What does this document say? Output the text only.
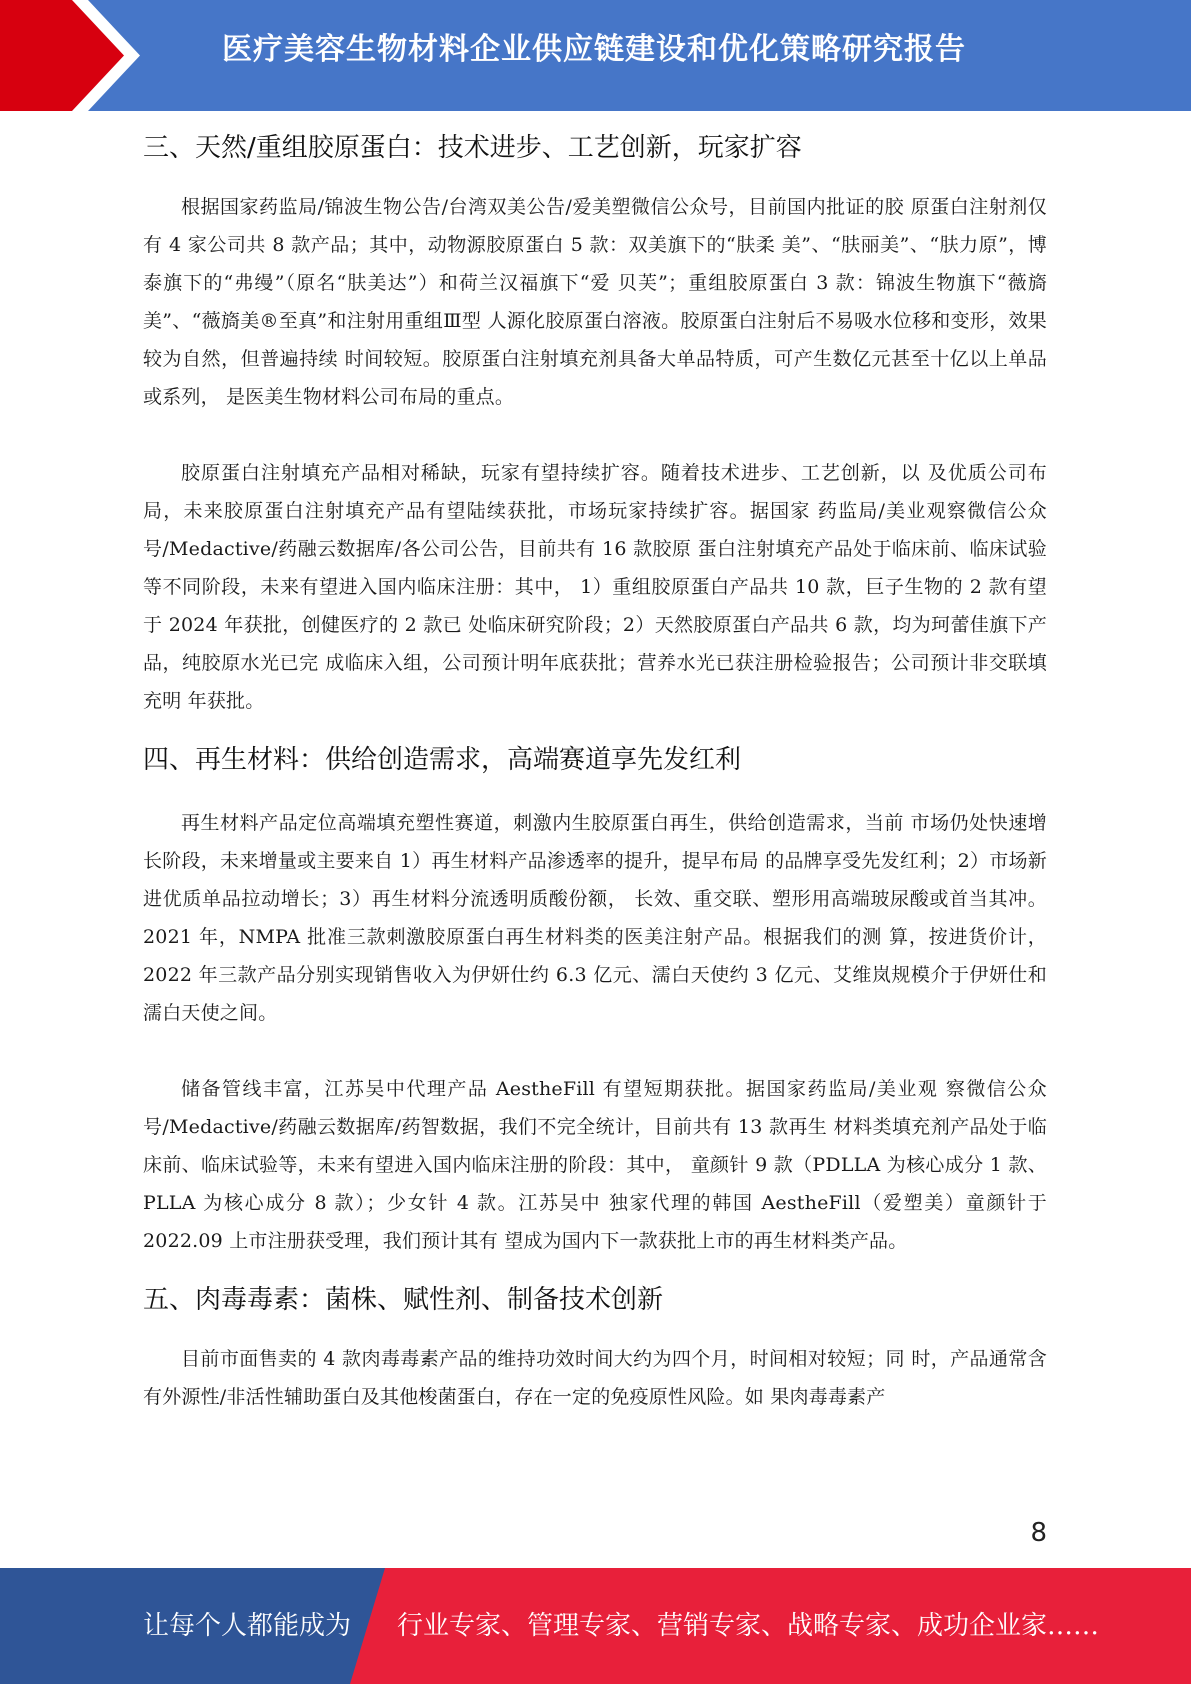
医疗美容生物材料企业供应链建设和优化策略研究报告
三、天然/重组胶原蛋白：技术进步、工艺创新，玩家扩容

根据国家药监局/锦波生物公告/台湾双美公告/爱美塑微信公众号，目前国内批证的胶 原蛋白注射剂仅有 4 家公司共 8 款产品；其中，动物源胶原蛋白 5 款：双美旗下的“肤柔 美”、“肤丽美”、“肤力原”，博泰旗下的“弗缦”（原名“肤美达”）和荷兰汉福旗下“爱 贝芙”；重组胶原蛋白 3 款：锦波生物旗下“薇旖美”、“薇旖美®至真”和注射用重组Ⅲ型 人源化胶原蛋白溶液。胶原蛋白注射后不易吸水位移和变形，效果较为自然，但普遍持续 时间较短。胶原蛋白注射填充剂具备大单品特质，可产生数亿元甚至十亿以上单品或系列， 是医美生物材料公司布局的重点。

胶原蛋白注射填充产品相对稀缺，玩家有望持续扩容。随着技术进步、工艺创新，以 及优质公司布局，未来胶原蛋白注射填充产品有望陆续获批，市场玩家持续扩容。据国家 药监局/美业观察微信公众号/Medactive/药融云数据库/各公司公告，目前共有 16 款胶原 蛋白注射填充产品处于临床前、临床试验等不同阶段，未来有望进入国内临床注册：其中， 1）重组胶原蛋白产品共 10 款，巨子生物的 2 款有望于 2024 年获批，创健医疗的 2 款已 处临床研究阶段；2）天然胶原蛋白产品共 6 款，均为珂蕾佳旗下产品，纯胶原水光已完 成临床入组，公司预计明年底获批；营养水光已获注册检验报告；公司预计非交联填充明 年获批。

四、再生材料：供给创造需求，高端赛道享先发红利

再生材料产品定位高端填充塑性赛道，刺激内生胶原蛋白再生，供给创造需求，当前 市场仍处快速增长阶段，未来增量或主要来自 1）再生材料产品渗透率的提升，提早布局 的品牌享受先发红利；2）市场新进优质单品拉动增长；3）再生材料分流透明质酸份额， 长效、重交联、塑形用高端玻尿酸或首当其冲。 2021 年，NMPA 批准三款刺激胶原蛋白再生材料类的医美注射产品。根据我们的测 算，按进货价计，2022 年三款产品分别实现销售收入为伊妍仕约 6.3 亿元、濡白天使约 3 亿元、艾维岚规模介于伊妍仕和濡白天使之间。

储备管线丰富，江苏吴中代理产品 AestheFill 有望短期获批。据国家药监局/美业观 察微信公众号/Medactive/药融云数据库/药智数据，我们不完全统计，目前共有 13 款再生 材料类填充剂产品处于临床前、临床试验等，未来有望进入国内临床注册的阶段：其中， 童颜针 9 款（PDLLA 为核心成分 1 款、PLLA 为核心成分 8 款）；少女针 4 款。江苏吴中 独家代理的韩国 AestheFill（爱塑美）童颜针于 2022.09 上市注册获受理，我们预计其有 望成为国内下一款获批上市的再生材料类产品。

五、肉毒毒素：菌株、赋性剂、制备技术创新

目前市面售卖的 4 款肉毒毒素产品的维持功效时间大约为四个月，时间相对较短；同 时，产品通常含有外源性/非活性辅助蛋白及其他梭菌蛋白，存在一定的免疫原性风险。如 果肉毒毒素产

8
让每个人都能成为 行业专家、管理专家、营销专家、战略专家、成功企业家……
